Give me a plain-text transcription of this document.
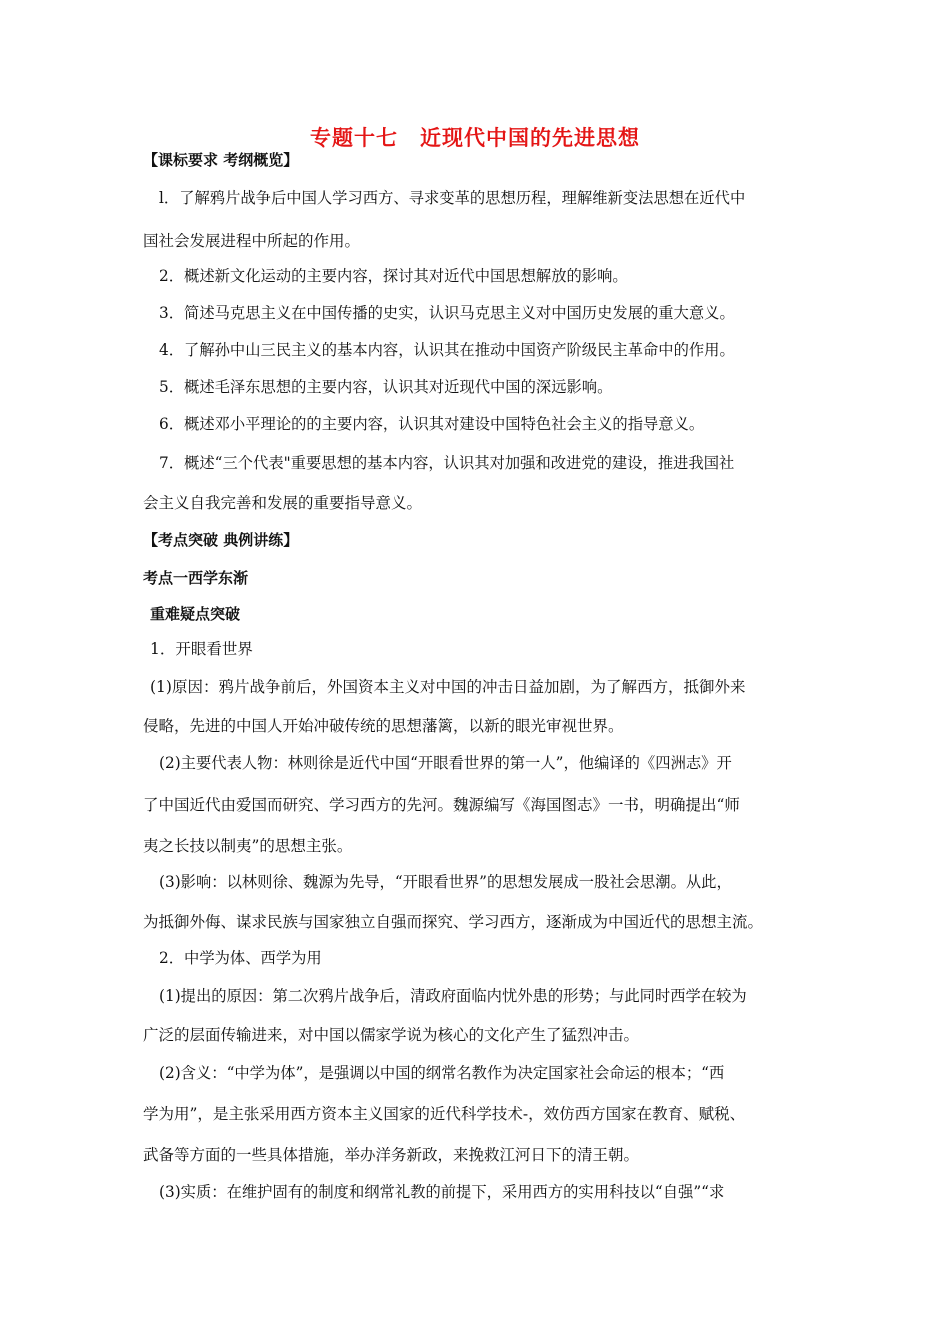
专题十七　近现代中国的先进思想
【课标要求 考纲概览】
l．了解鸦片战争后中国人学习西方、寻求变革的思想历程，理解维新变法思想在近代中
国社会发展进程中所起的作用。
2．概述新文化运动的主要内容，探讨其对近代中国思想解放的影响。
3．简述马克思主义在中国传播的史实，认识马克思主义对中国历史发展的重大意义。
4．了解孙中山三民主义的基本内容，认识其在推动中国资产阶级民主革命中的作用。
5．概述毛泽东思想的主要内容，认识其对近现代中国的深远影响。
6．概述邓小平理论的的主要内容，认识其对建设中国特色社会主义的指导意义。
7．概述“三个代表"重要思想的基本内容，认识其对加强和改进党的建设，推进我国社
会主义自我完善和发展的重要指导意义。
【考点突破 典例讲练】
考点一西学东渐
重难疑点突破
1．开眼看世界
(1)原因：鸦片战争前后，外国资本主义对中国的冲击日益加剧，为了解西方，抵御外来
侵略，先进的中国人开始冲破传统的思想藩篱，以新的眼光审视世界。
(2)主要代表人物：林则徐是近代中国“开眼看世界的第一人”，他编译的《四洲志》开
了中国近代由爱国而研究、学习西方的先河。魏源编写《海国图志》一书，明确提出“师
夷之长技以制夷”的思想主张。
(3)影响：以林则徐、魏源为先导，“开眼看世界”的思想发展成一股社会思潮。从此，
为抵御外侮、谋求民族与国家独立自强而探究、学习西方，逐渐成为中国近代的思想主流。
2．中学为体、西学为用
(1)提出的原因：第二次鸦片战争后，清政府面临内忧外患的形势；与此同时西学在较为
广泛的层面传输进来，对中国以儒家学说为核心的文化产生了猛烈冲击。
(2)含义：“中学为体”，是强调以中国的纲常名教作为决定国家社会命运的根本；“西
学为用”，是主张采用西方资本主义国家的近代科学技术-，效仿西方国家在教育、赋税、
武备等方面的一些具体措施，举办洋务新政，来挽救江河日下的清王朝。
(3)实质：在维护固有的制度和纲常礼教的前提下，采用西方的实用科技以“自强”“求
